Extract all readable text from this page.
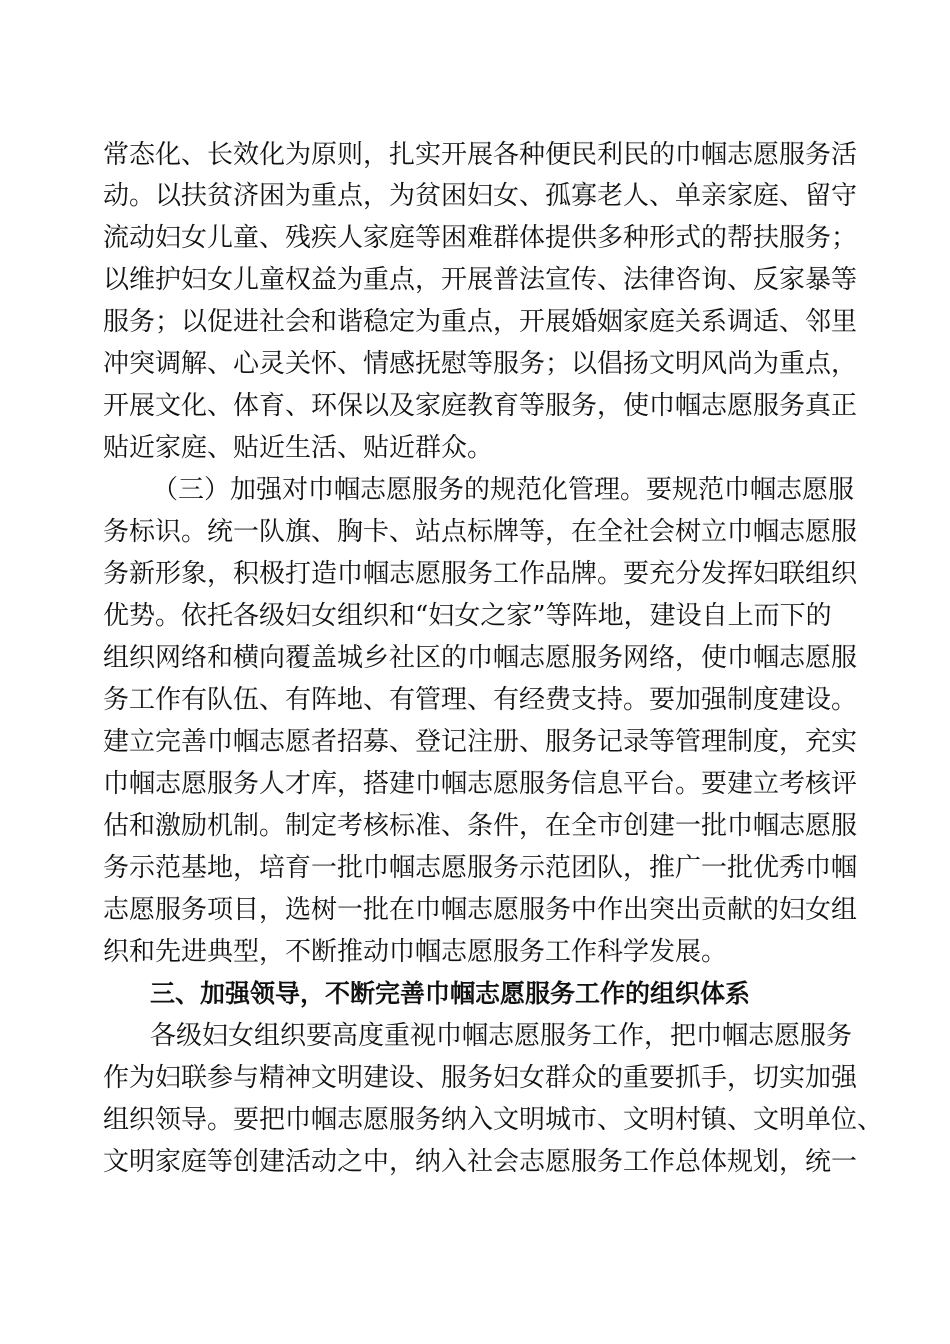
常态化、长效化为原则，扎实开展各种便民利民的巾帼志愿服务活
动。以扶贫济困为重点，为贫困妇女、孤寡老人、单亲家庭、留守
流动妇女儿童、残疾人家庭等困难群体提供多种形式的帮扶服务；
以维护妇女儿童权益为重点，开展普法宣传、法律咨询、反家暴等
服务；以促进社会和谐稳定为重点，开展婚姻家庭关系调适、邻里
冲突调解、心灵关怀、情感抚慰等服务；以倡扬文明风尚为重点，
开展文化、体育、环保以及家庭教育等服务，使巾帼志愿服务真正
贴近家庭、贴近生活、贴近群众。
（三）加强对巾帼志愿服务的规范化管理。要规范巾帼志愿服
务标识。统一队旗、胸卡、站点标牌等，在全社会树立巾帼志愿服
务新形象，积极打造巾帼志愿服务工作品牌。要充分发挥妇联组织
优势。依托各级妇女组织和“妇女之家”等阵地，建设自上而下的
组织网络和横向覆盖城乡社区的巾帼志愿服务网络，使巾帼志愿服
务工作有队伍、有阵地、有管理、有经费支持。要加强制度建设。
建立完善巾帼志愿者招募、登记注册、服务记录等管理制度，充实
巾帼志愿服务人才库，搭建巾帼志愿服务信息平台。要建立考核评
估和激励机制。制定考核标准、条件，在全市创建一批巾帼志愿服
务示范基地，培育一批巾帼志愿服务示范团队，推广一批优秀巾帼
志愿服务项目，选树一批在巾帼志愿服务中作出突出贡献的妇女组
织和先进典型，不断推动巾帼志愿服务工作科学发展。
三、加强领导，不断完善巾帼志愿服务工作的组织体系
各级妇女组织要高度重视巾帼志愿服务工作，把巾帼志愿服务
作为妇联参与精神文明建设、服务妇女群众的重要抓手，切实加强
组织领导。要把巾帼志愿服务纳入文明城市、文明村镇、文明单位、
文明家庭等创建活动之中，纳入社会志愿服务工作总体规划，统一
